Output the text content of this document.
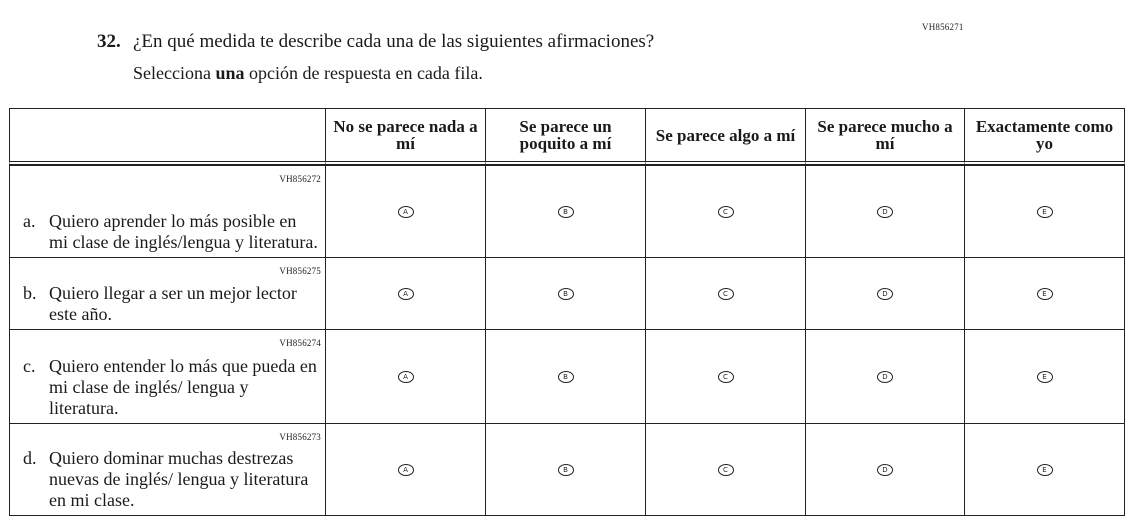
VH856271
32. ¿En qué medida te describe cada una de las siguientes afirmaciones?
Selecciona una opción de respuesta en cada fila.
	No se parece nada a mí	Se parece un poquito a mí	Se parece algo a mí	Se parece mucho a mí	Exactamente como yo

VH856272
a. Quiero aprender lo más posible en mi clase de inglés/lengua y literatura.	A	B	C	D	E

VH856275
b. Quiero llegar a ser un mejor lector este año.	A	B	C	D	E

VH856274
c. Quiero entender lo más que pueda en mi clase de inglés/ lengua y literatura.	A	B	C	D	E

VH856273
d. Quiero dominar muchas destrezas nuevas de inglés/ lengua y literatura en mi clase.	A	B	C	D	E
